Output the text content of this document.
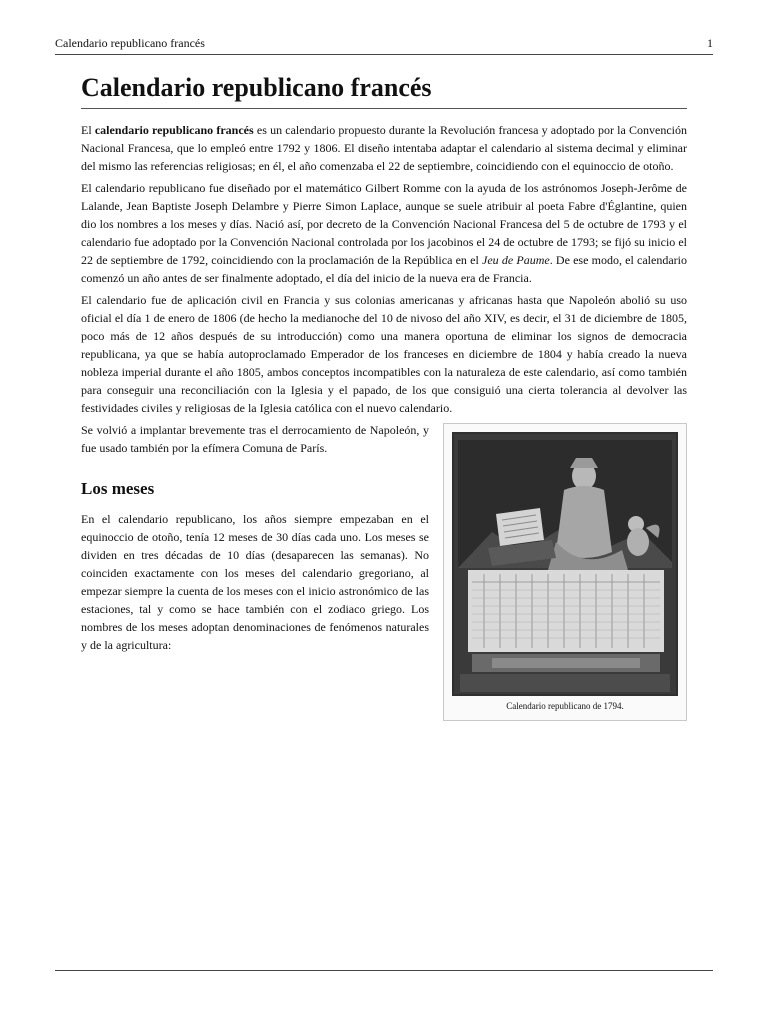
Calendario republicano francés	1
Calendario republicano francés

El calendario republicano francés es un calendario propuesto durante la Revolución francesa y adoptado por la Convención Nacional Francesa, que lo empleó entre 1792 y 1806. El diseño intentaba adaptar el calendario al sistema decimal y eliminar del mismo las referencias religiosas; en él, el año comenzaba el 22 de septiembre, coincidiendo con el equinoccio de otoño.

El calendario republicano fue diseñado por el matemático Gilbert Romme con la ayuda de los astrónomos Joseph-Jerôme de Lalande, Jean Baptiste Joseph Delambre y Pierre Simon Laplace, aunque se suele atribuir al poeta Fabre d'Églantine, quien dio los nombres a los meses y días. Nació así, por decreto de la Convención Nacional Francesa del 5 de octubre de 1793 y el calendario fue adoptado por la Convención Nacional controlada por los jacobinos el 24 de octubre de 1793; se fijó su inicio el 22 de septiembre de 1792, coincidiendo con la proclamación de la República en el Jeu de Paume. De ese modo, el calendario comenzó un año antes de ser finalmente adoptado, el día del inicio de la nueva era de Francia.

El calendario fue de aplicación civil en Francia y sus colonias americanas y africanas hasta que Napoleón abolió su uso oficial el día 1 de enero de 1806 (de hecho la medianoche del 10 de nivoso del año XIV, es decir, el 31 de diciembre de 1805, poco más de 12 años después de su introducción) como una manera oportuna de eliminar los signos de democracia republicana, ya que se había autoproclamado Emperador de los franceses en diciembre de 1804 y había creado la nueva nobleza imperial durante el año 1805, ambos conceptos incompatibles con la naturaleza de este calendario, así como también para conseguir una reconciliación con la Iglesia y el papado, de los que consiguió una cierta tolerancia al devolver las festividades civiles y religiosas de la Iglesia católica con el nuevo calendario.

Calendario republicano de 1794.

Se volvió a implantar brevemente tras el derrocamiento de Napoleón, y fue usado también por la efímera Comuna de París.

Los meses

En el calendario republicano, los años siempre empezaban en el equinoccio de otoño, tenía 12 meses de 30 días cada uno. Los meses se dividen en tres décadas de 10 días (desaparecen las semanas). No coinciden exactamente con los meses del calendario gregoriano, al empezar siempre la cuenta de los meses con el inicio astronómico de las estaciones, tal y como se hace también con el zodiaco griego. Los nombres de los meses adoptan denominaciones de fenómenos naturales y de la agricultura:
